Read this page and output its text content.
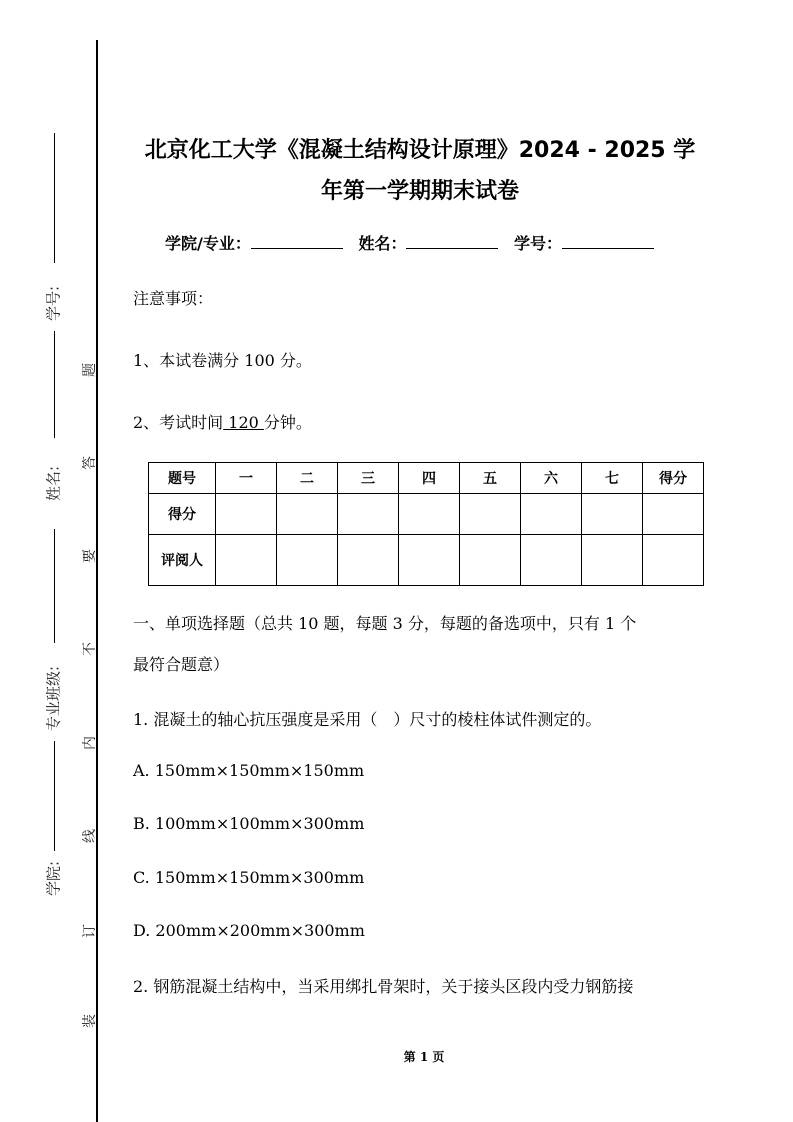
学号:
姓名:
专业班级:
学院:
题
答
要
不
内
线
订
装
北京化工大学《混凝土结构设计原理》2024 - 2025 学
年第一学期期末试卷
学院/专业：	姓名：	学号：
注意事项：
1、本试卷满分 100 分。
2、考试时间 120 分钟。
题号	一	二	三	四	五	六	七	得分
得分								
评阅人								
一、单项选择题（总共 10 题，每题 3 分，每题的备选项中，只有 1 个
最符合题意）
1. 混凝土的轴心抗压强度是采用（　）尺寸的棱柱体试件测定的。
A. 150mm×150mm×150mm
B. 100mm×100mm×300mm
C. 150mm×150mm×300mm
D. 200mm×200mm×300mm
2. 钢筋混凝土结构中，当采用绑扎骨架时，关于接头区段内受力钢筋接
第 1 页
